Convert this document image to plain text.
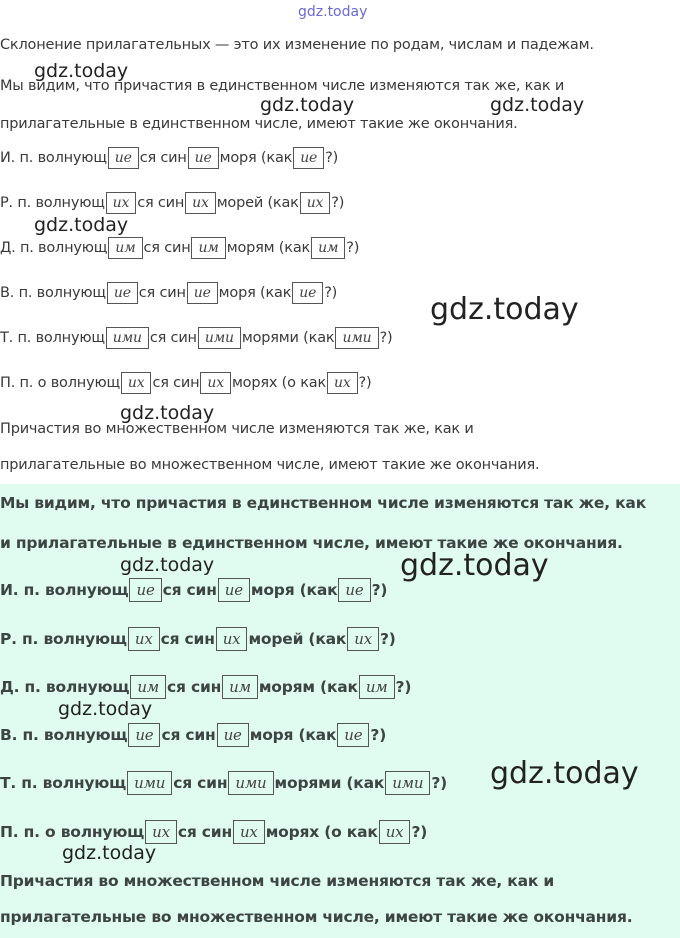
gdz.today
gdz.today
gdz.today	gdz.today
gdz.today
gdz.today
gdz.today
gdz.today	gdz.today
gdz.today
gdz.today
gdz.today
Склонение прилагательных — это их изменение по родам, числам и падежам.
Мы видим, что причастия в единственном числе изменяются так же, как и
прилагательные в единственном числе, имеют такие же окончания.
И. п. волнующ ие ся син ие моря (как ие ?)
Р. п. волнующ их ся син их морей (как их ?)
Д. п. волнующ им ся син им морям (как им ?)
В. п. волнующ ие ся син ие моря (как ие ?)
Т. п. волнующ ими ся син ими морями (как ими ?)
П. п. о волнующ их ся син их морях (о как их ?)
Причастия во множественном числе изменяются так же, как и
прилагательные во множественном числе, имеют такие же окончания.
Мы видим, что причастия в единственном числе изменяются так же, как
и прилагательные в единственном числе, имеют такие же окончания.
И. п. волнующ ие ся син ие моря (как ие ?)
Р. п. волнующ их ся син их морей (как их ?)
Д. п. волнующ им ся син им морям (как им ?)
В. п. волнующ ие ся син ие моря (как ие ?)
Т. п. волнующ ими ся син ими морями (как ими ?)
П. п. о волнующ их ся син их морях (о как их ?)
Причастия во множественном числе изменяются так же, как и
прилагательные во множественном числе, имеют такие же окончания.
